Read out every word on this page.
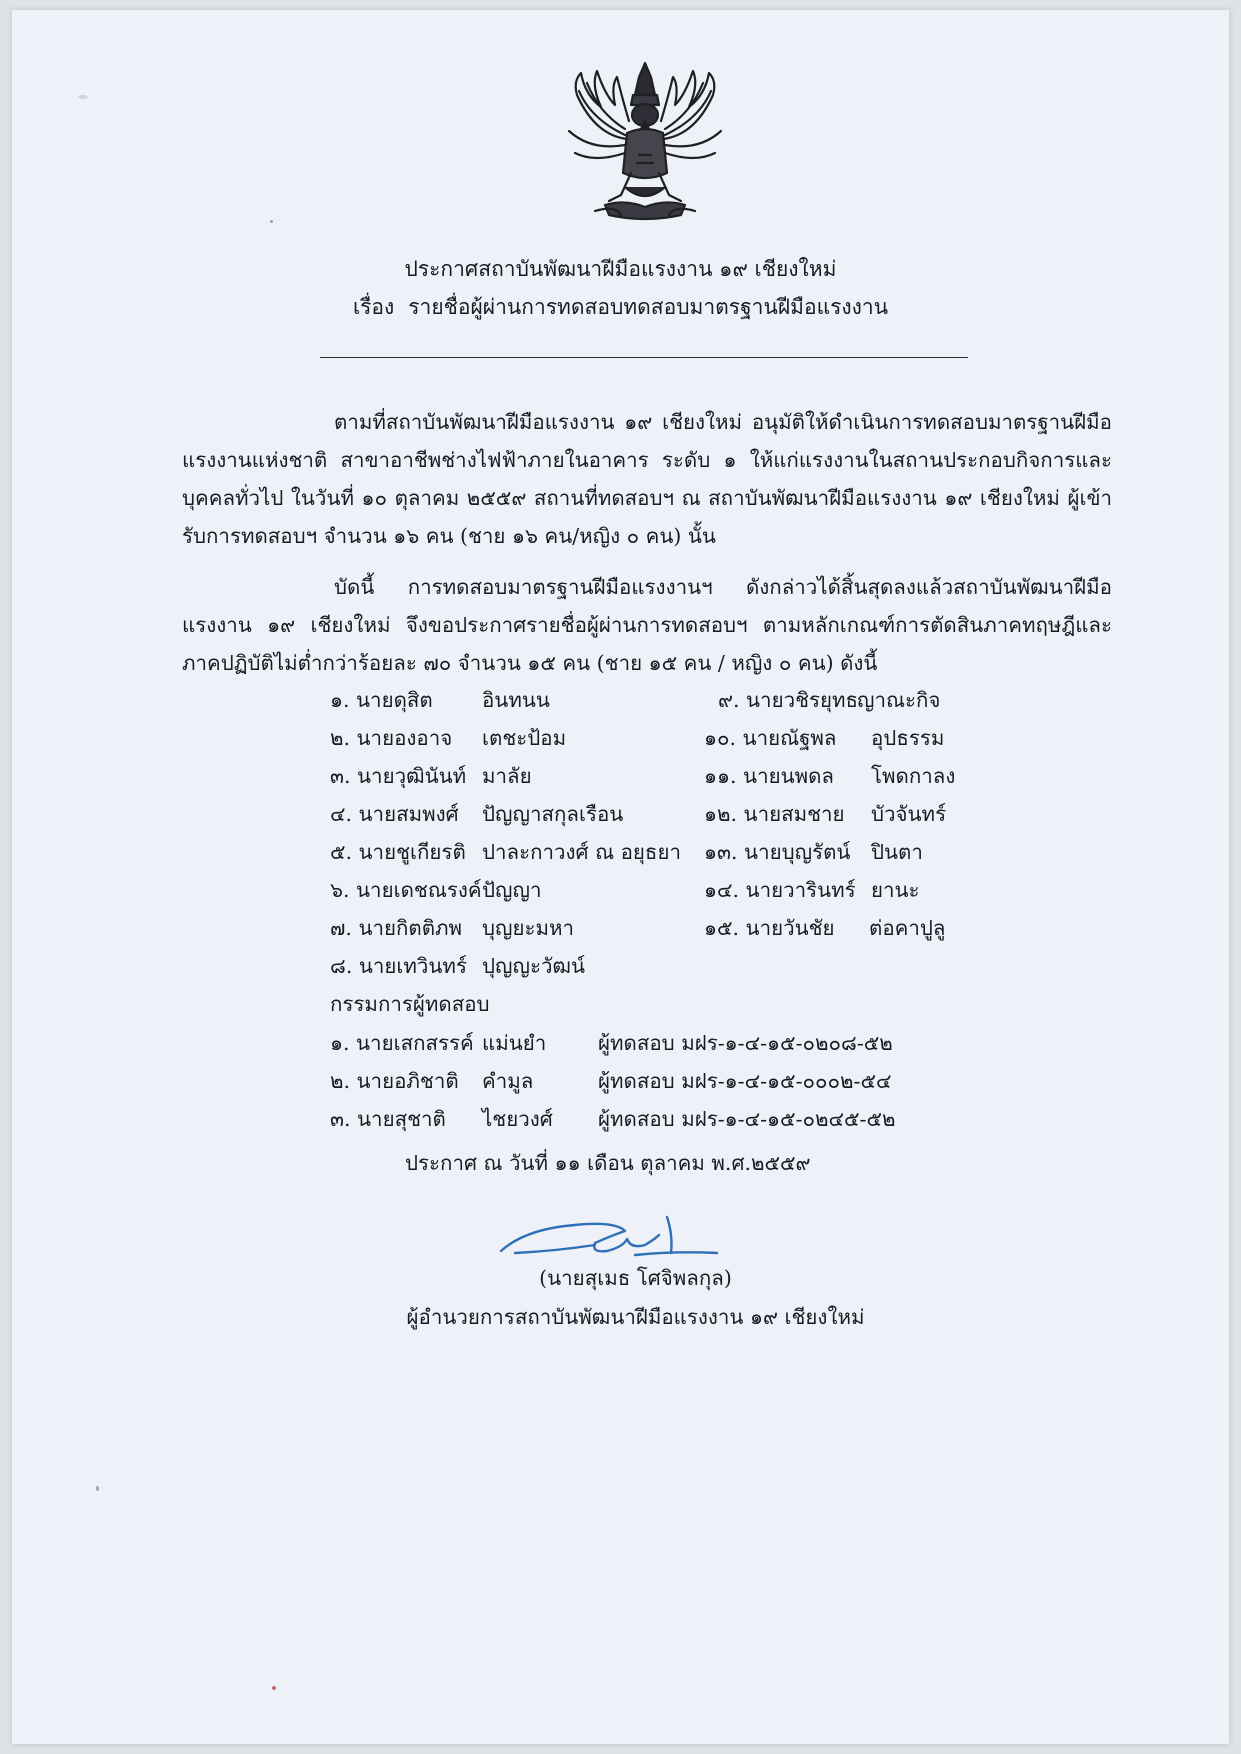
ประกาศสถาบันพัฒนาฝีมือแรงงาน ๑๙ เชียงใหม่
เรื่อง รายชื่อผู้ผ่านการทดสอบทดสอบมาตรฐานฝีมือแรงงาน

ตามที่สถาบันพัฒนาฝีมือแรงงาน ๑๙ เชียงใหม่ อนุมัติให้ดำเนินการทดสอบมาตรฐานฝีมือแรงงานแห่งชาติ สาขาอาชีพช่างไฟฟ้าภายในอาคาร ระดับ ๑ ให้แก่แรงงานในสถานประกอบกิจการและบุคคลทั่วไป ในวันที่ ๑๐ ตุลาคม ๒๕๕๙ สถานที่ทดสอบฯ ณ สถาบันพัฒนาฝีมือแรงงาน ๑๙ เชียงใหม่ ผู้เข้ารับการทดสอบฯ จำนวน ๑๖ คน (ชาย ๑๖ คน/หญิง ๐ คน) นั้น

บัดนี้ การทดสอบมาตรฐานฝีมือแรงงานฯ ดังกล่าวได้สิ้นสุดลงแล้วสถาบันพัฒนาฝีมือแรงงาน ๑๙ เชียงใหม่ จึงขอประกาศรายชื่อผู้ผ่านการทดสอบฯ ตามหลักเกณฑ์การตัดสินภาคทฤษฎีและภาคปฏิบัติไม่ต่ำกว่าร้อยละ ๗๐ จำนวน ๑๕ คน (ชาย ๑๕ คน / หญิง ๐ คน) ดังนี้

๑. นายดุสิต อินทนน
๒. นายองอาจ เตชะป้อม
๓. นายวุฒินันท์ มาลัย
๔. นายสมพงศ์ ปัญญาสกุลเรือน
๕. นายชูเกียรติ ปาละกาวงศ์ ณ อยุธยา
๖. นายเดชณรงค์ปัญญา
๗. นายกิตติภพ บุญยะมหา
๘. นายเทวินทร์ ปุญญะวัฒน์
๙. นายวชิรยุทธญาณะกิจ
๑๐. นายณัฐพล อุปธรรม
๑๑. นายนพดล โพดกาลง
๑๒. นายสมชาย บัวจันทร์
๑๓. นายบุญรัตน์ ปินตา
๑๔. นายวารินทร์ ยานะ
๑๕. นายวันชัย ต่อคาปูลู
กรรมการผู้ทดสอบ
๑. นายเสกสรรค์ แม่นยำ	ผู้ทดสอบ มฝร-๑-๔-๑๕-๐๒๐๘-๕๒
๒. นายอภิชาติ คำมูล	ผู้ทดสอบ มฝร-๑-๔-๑๕-๐๐๐๒-๕๔
๓. นายสุชาติ ไชยวงศ์ ผู้ทดสอบ มฝร-๑-๔-๑๕-๐๒๔๕-๕๒
ประกาศ ณ วันที่ ๑๑ เดือน ตุลาคม พ.ศ.๒๕๕๙
(นายสุเมธ โศจิพลกุล)
ผู้อำนวยการสถาบันพัฒนาฝีมือแรงงาน ๑๙ เชียงใหม่
